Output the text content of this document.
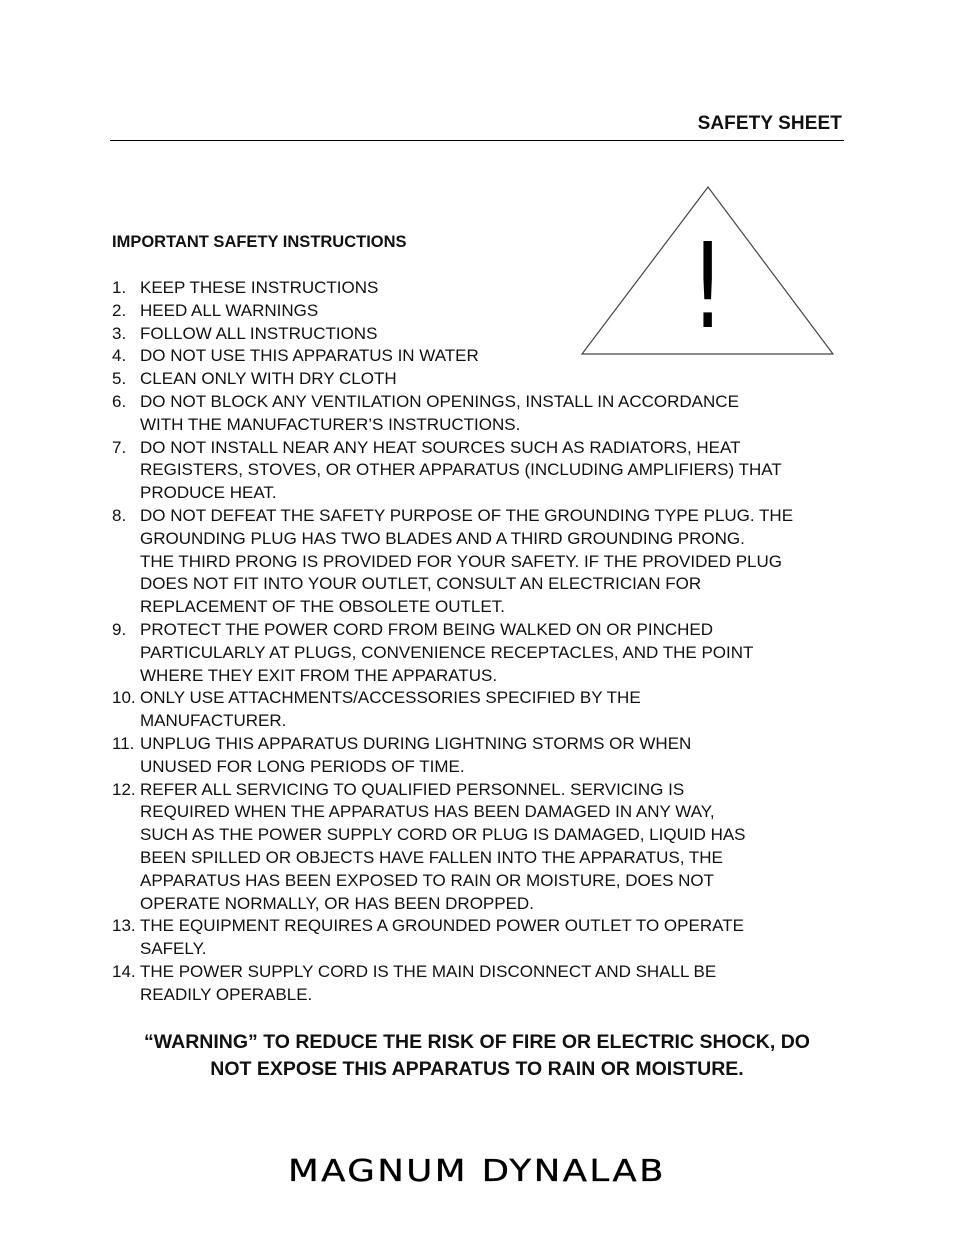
SAFETY SHEET
!
IMPORTANT SAFETY INSTRUCTIONS
1. KEEP THESE INSTRUCTIONS
2. HEED ALL WARNINGS
3. FOLLOW ALL INSTRUCTIONS
4. DO NOT USE THIS APPARATUS IN WATER
5. CLEAN ONLY WITH DRY CLOTH
6. DO NOT BLOCK ANY VENTILATION OPENINGS, INSTALL IN ACCORDANCE
WITH THE MANUFACTURER’S INSTRUCTIONS.
7. DO NOT INSTALL NEAR ANY HEAT SOURCES SUCH AS RADIATORS, HEAT
REGISTERS, STOVES, OR OTHER APPARATUS (INCLUDING AMPLIFIERS) THAT
PRODUCE HEAT.
8. DO NOT DEFEAT THE SAFETY PURPOSE OF THE GROUNDING TYPE PLUG. THE
GROUNDING PLUG HAS TWO BLADES AND A THIRD GROUNDING PRONG.
THE THIRD PRONG IS PROVIDED FOR YOUR SAFETY. IF THE PROVIDED PLUG
DOES NOT FIT INTO YOUR OUTLET, CONSULT AN ELECTRICIAN FOR
REPLACEMENT OF THE OBSOLETE OUTLET.
9. PROTECT THE POWER CORD FROM BEING WALKED ON OR PINCHED
PARTICULARLY AT PLUGS, CONVENIENCE RECEPTACLES, AND THE POINT
WHERE THEY EXIT FROM THE APPARATUS.
10. ONLY USE ATTACHMENTS/ACCESSORIES SPECIFIED BY THE
MANUFACTURER.
11. UNPLUG THIS APPARATUS DURING LIGHTNING STORMS OR WHEN
UNUSED FOR LONG PERIODS OF TIME.
12. REFER ALL SERVICING TO QUALIFIED PERSONNEL. SERVICING IS
REQUIRED WHEN THE APPARATUS HAS BEEN DAMAGED IN ANY WAY,
SUCH AS THE POWER SUPPLY CORD OR PLUG IS DAMAGED, LIQUID HAS
BEEN SPILLED OR OBJECTS HAVE FALLEN INTO THE APPARATUS, THE
APPARATUS HAS BEEN EXPOSED TO RAIN OR MOISTURE, DOES NOT
OPERATE NORMALLY, OR HAS BEEN DROPPED.
13. THE EQUIPMENT REQUIRES A GROUNDED POWER OUTLET TO OPERATE
SAFELY.
14. THE POWER SUPPLY CORD IS THE MAIN DISCONNECT AND SHALL BE
READILY OPERABLE.
“WARNING” TO REDUCE THE RISK OF FIRE OR ELECTRIC SHOCK, DO
NOT EXPOSE THIS APPARATUS TO RAIN OR MOISTURE.
MAGNUM DYNALAB
